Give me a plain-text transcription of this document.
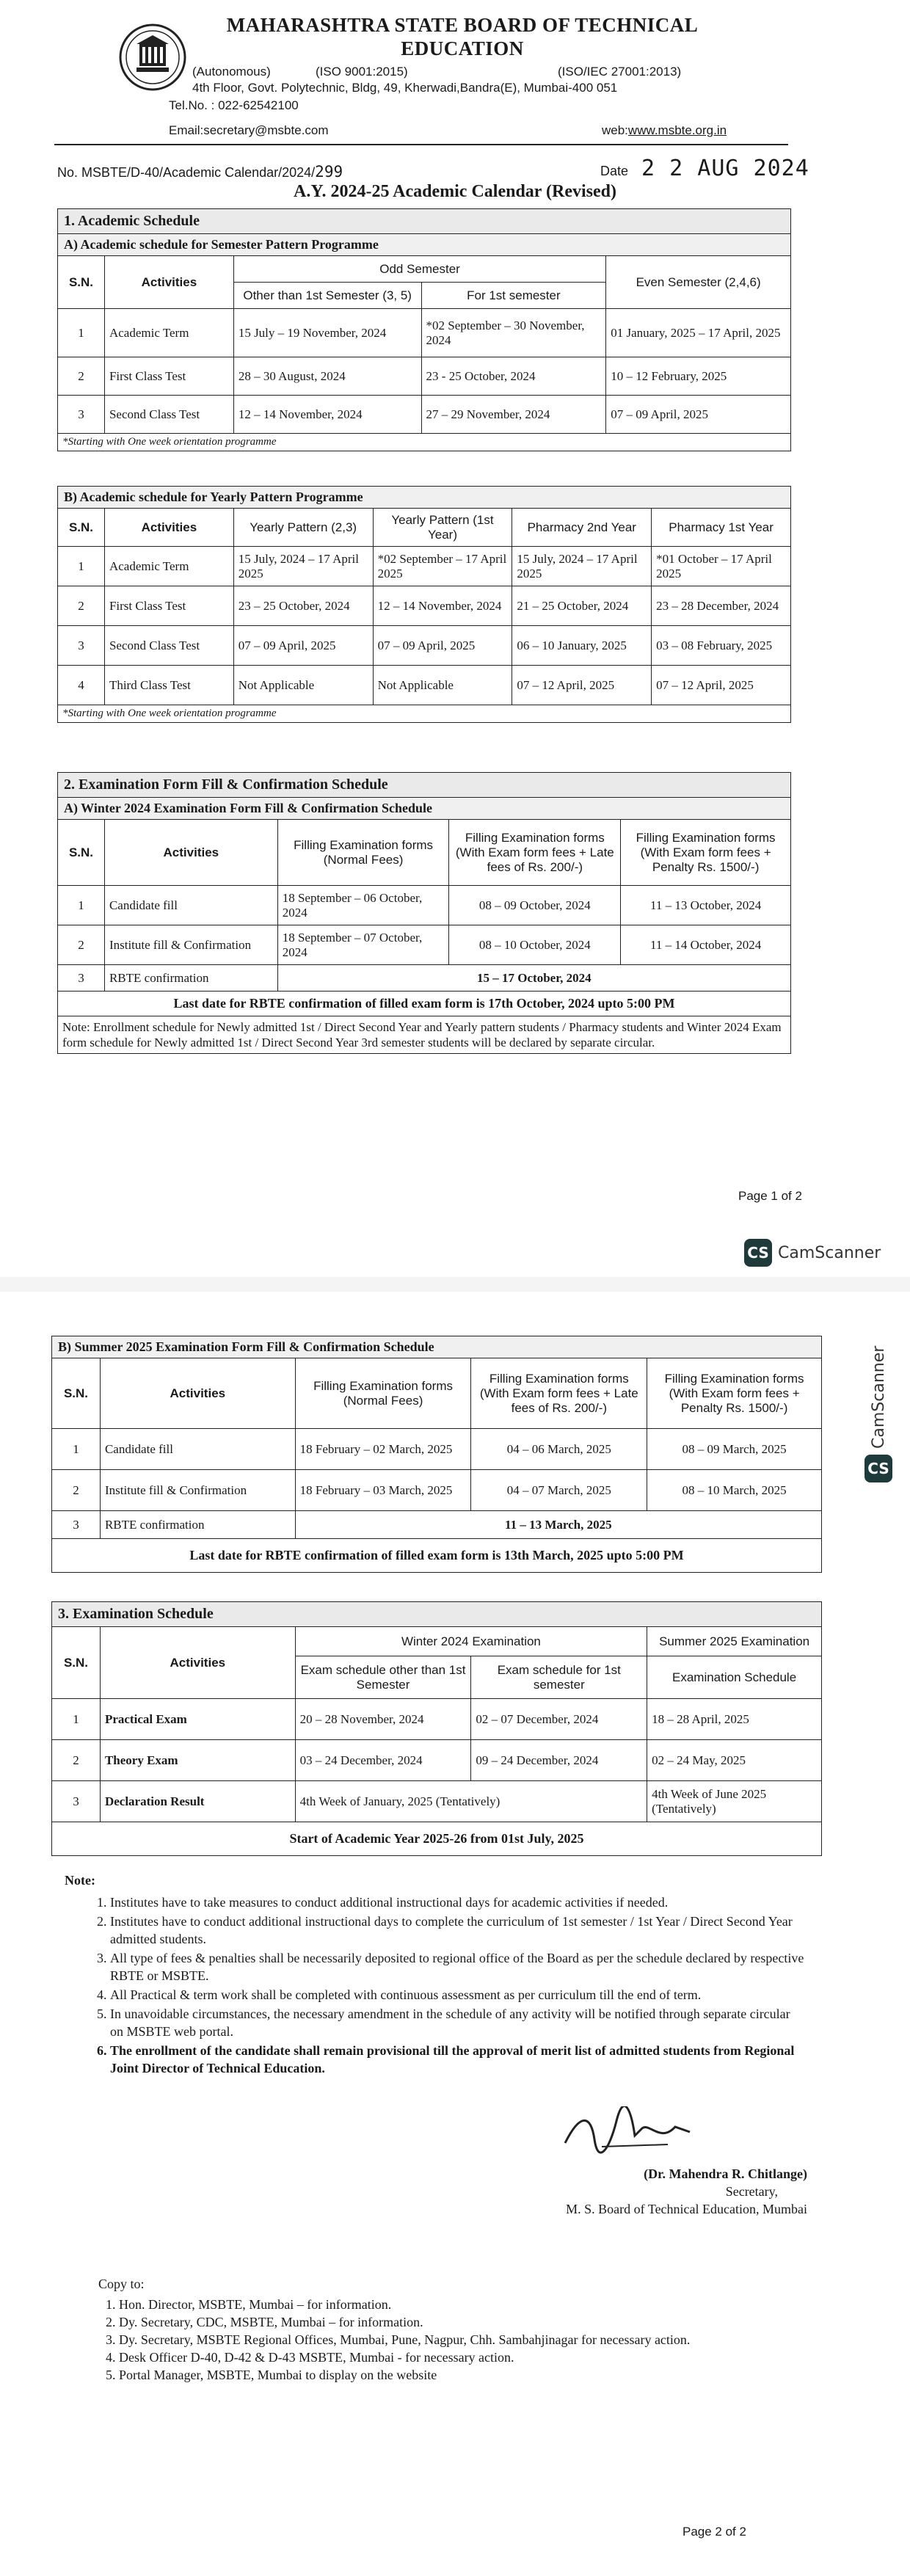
MAHARASHTRA STATE BOARD OF TECHNICAL EDUCATION
(Autonomous)	(ISO 9001:2015)	(ISO/IEC 27001:2013)
4th Floor, Govt. Polytechnic, Bldg, 49, Kherwadi,Bandra(E), Mumbai-400 051
Tel.No. : 022-62542100
Email:secretary@msbte.com	web:www.msbte.org.in
No. MSBTE/D-40/Academic Calendar/2024/299	Date 2 2 AUG 2024
A.Y. 2024-25 Academic Calendar (Revised)
1. Academic Schedule				
A) Academic schedule for Semester Pattern Programme				
S.N.	Activities	Odd Semester		Even Semester (2,4,6)
		Other than 1st Semester (3, 5)	For 1st semester	
1	Academic Term	15 July – 19 November, 2024	*02 September – 30 November, 2024	01 January, 2025 – 17 April, 2025
2	First Class Test	28 – 30 August, 2024	23 - 25 October, 2024	10 – 12 February, 2025
3	Second Class Test	12 – 14 November, 2024	27 – 29 November, 2024	07 – 09 April, 2025
*Starting with One week orientation programme				
B) Academic schedule for Yearly Pattern Programme					
S.N.	Activities	Yearly Pattern (2,3)	Yearly Pattern (1st Year)	Pharmacy 2nd Year	Pharmacy 1st Year
1	Academic Term	15 July, 2024 – 17 April 2025	*02 September – 17 April 2025	15 July, 2024 – 17 April 2025	*01 October – 17 April 2025
2	First Class Test	23 – 25 October, 2024	12 – 14 November, 2024	21 – 25 October, 2024	23 – 28 December, 2024
3	Second Class Test	07 – 09 April, 2025	07 – 09 April, 2025	06 – 10 January, 2025	03 – 08 February, 2025
4	Third Class Test	Not Applicable	Not Applicable	07 – 12 April, 2025	07 – 12 April, 2025
*Starting with One week orientation programme					
2. Examination Form Fill & Confirmation Schedule				
A) Winter 2024 Examination Form Fill & Confirmation Schedule				
S.N.	Activities	Filling Examination forms (Normal Fees)	Filling Examination forms (With Exam form fees + Late fees of Rs. 200/-)	Filling Examination forms (With Exam form fees + Penalty Rs. 1500/-)
1	Candidate fill	18 September – 06 October, 2024	08 – 09 October, 2024	11 – 13 October, 2024
2	Institute fill & Confirmation	18 September – 07 October, 2024	08 – 10 October, 2024	11 – 14 October, 2024
3	RBTE confirmation	15 – 17 October, 2024		
Last date for RBTE confirmation of filled exam form is 17th October, 2024 upto 5:00 PM				
Note: Enrollment schedule for Newly admitted 1st / Direct Second Year and Yearly pattern students / Pharmacy students and Winter 2024 Exam form schedule for Newly admitted 1st / Direct Second Year 3rd semester students will be declared by separate circular.				
Page 1 of 2
CS CamScanner
CS
CamScanner
B) Summer 2025 Examination Form Fill & Confirmation Schedule				
S.N.	Activities	Filling Examination forms (Normal Fees)	Filling Examination forms (With Exam form fees + Late fees of Rs. 200/-)	Filling Examination forms (With Exam form fees + Penalty Rs. 1500/-)
1	Candidate fill	18 February – 02 March, 2025	04 – 06 March, 2025	08 – 09 March, 2025
2	Institute fill & Confirmation	18 February – 03 March, 2025	04 – 07 March, 2025	08 – 10 March, 2025
3	RBTE confirmation	11 – 13 March, 2025		
Last date for RBTE confirmation of filled exam form is 13th March, 2025 upto 5:00 PM				
3. Examination Schedule				
S.N.	Activities	Winter 2024 Examination		Summer 2025 Examination
		Exam schedule other than 1st Semester	Exam schedule for 1st semester	Examination Schedule
1	Practical Exam	20 – 28 November, 2024	02 – 07 December, 2024	18 – 28 April, 2025
2	Theory Exam	03 – 24 December, 2024	09 – 24 December, 2024	02 – 24 May, 2025
3	Declaration Result	4th Week of January, 2025 (Tentatively)		4th Week of June 2025 (Tentatively)
Start of Academic Year 2025-26 from 01st July, 2025				
Note:
1. Institutes have to take measures to conduct additional instructional days for academic activities if needed.
2. Institutes have to conduct additional instructional days to complete the curriculum of 1st semester / 1st Year / Direct Second Year admitted students.
3. All type of fees & penalties shall be necessarily deposited to regional office of the Board as per the schedule declared by respective RBTE or MSBTE.
4. All Practical & term work shall be completed with continuous assessment as per curriculum till the end of term.
5. In unavoidable circumstances, the necessary amendment in the schedule of any activity will be notified through separate circular on MSBTE web portal.
6. The enrollment of the candidate shall remain provisional till the approval of merit list of admitted students from Regional Joint Director of Technical Education.
(Dr. Mahendra R. Chitlange)
Secretary,
M. S. Board of Technical Education, Mumbai
Copy to:
1. Hon. Director, MSBTE, Mumbai – for information.
2. Dy. Secretary, CDC, MSBTE, Mumbai – for information.
3. Dy. Secretary, MSBTE Regional Offices, Mumbai, Pune, Nagpur, Chh. Sambahjinagar for necessary action.
4. Desk Officer D-40, D-42 & D-43 MSBTE, Mumbai - for necessary action.
5. Portal Manager, MSBTE, Mumbai to display on the website
Page 2 of 2
